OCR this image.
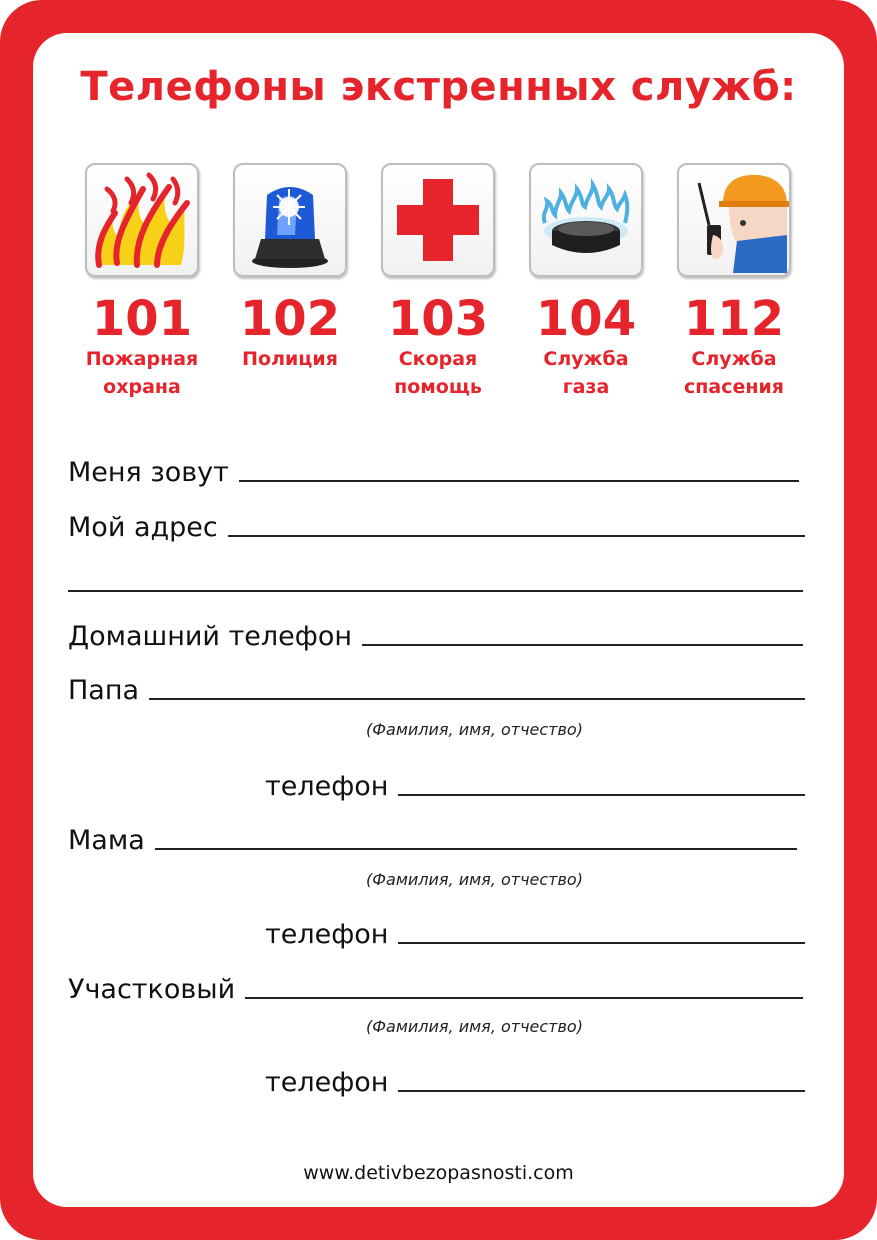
Телефоны экстренных служб:
101
Пожарная
охрана
102
Полиция
103
Скорая
помощь
104
Служба
газа
112
Служба
спасения
Меня зовут
Мой адрес
Домашний телефон
Папа
(Фамилия, имя, отчество)
телефон
Мама
(Фамилия, имя, отчество)
телефон
Участковый
(Фамилия, имя, отчество)
телефон
www.detivbezopasnosti.com
